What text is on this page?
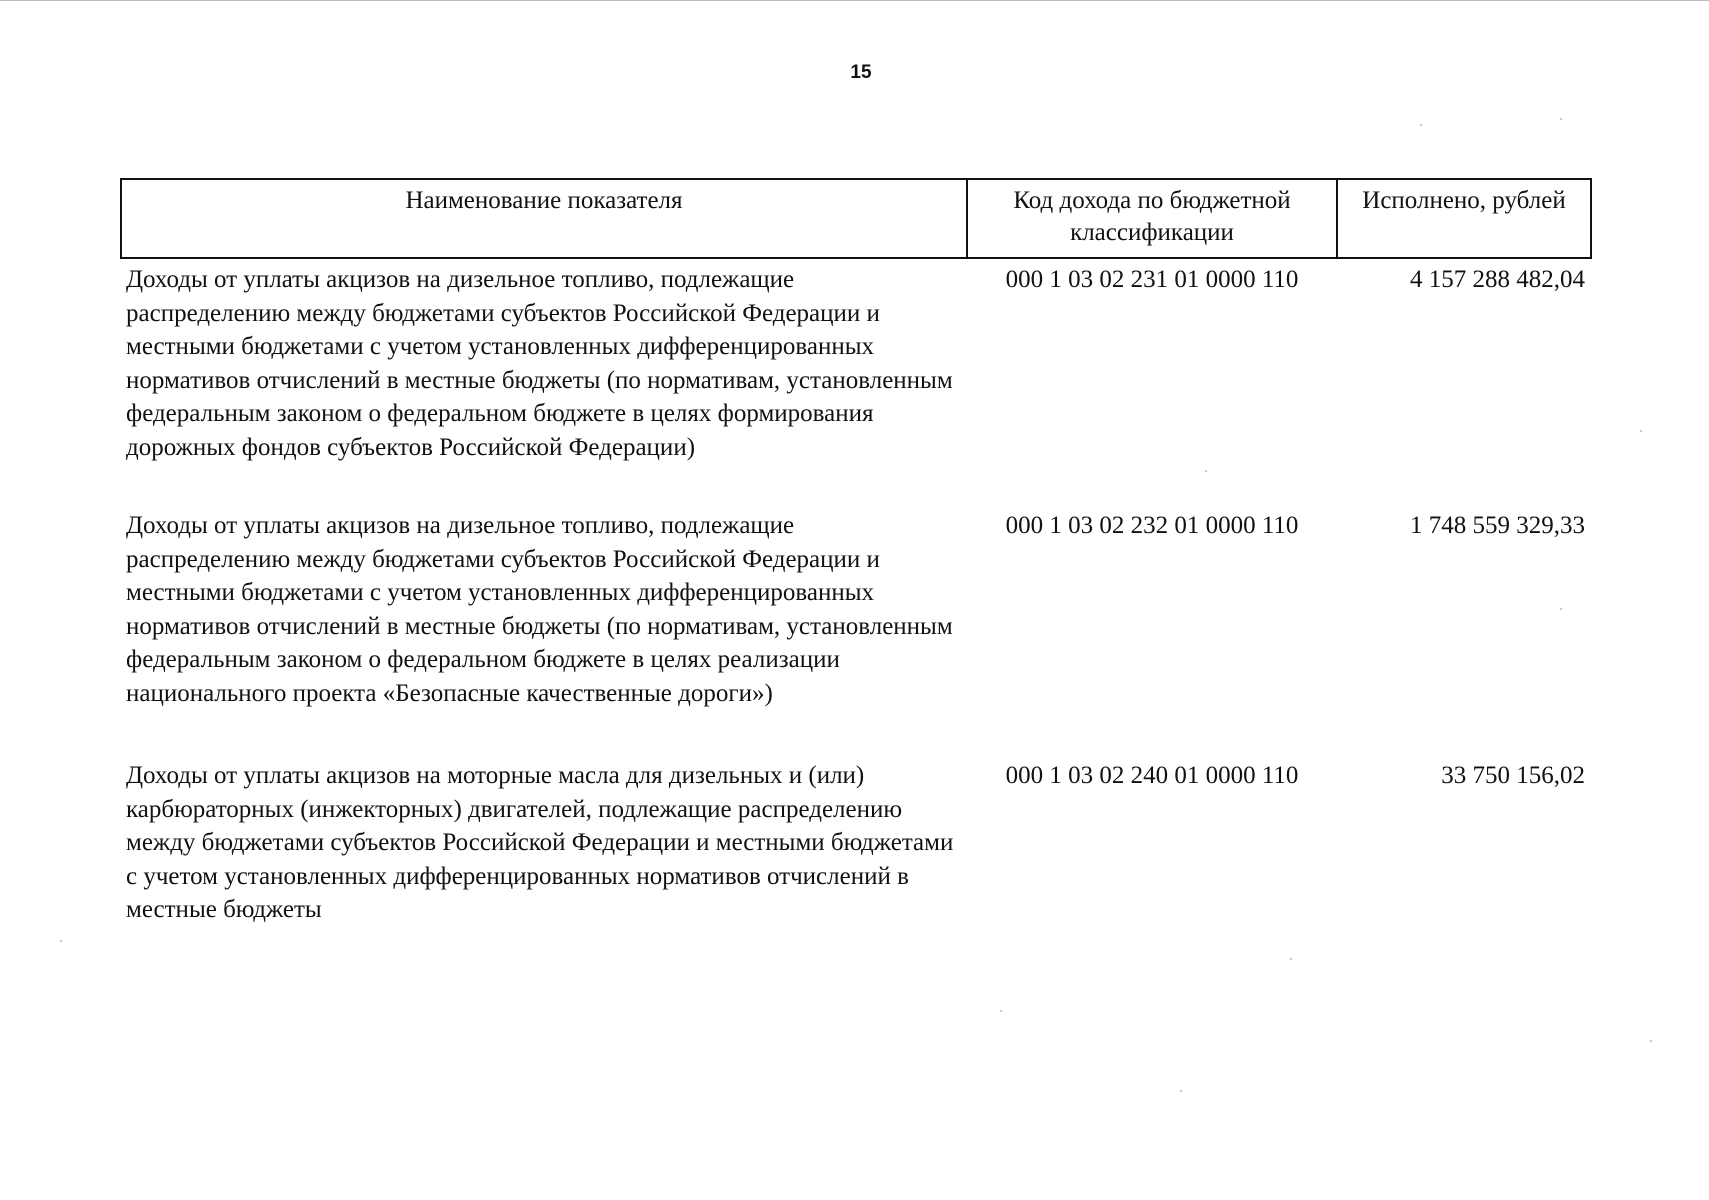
15
Наименование показателя	Код дохода по бюджетной классификации	Исполнено, рублей
Доходы от уплаты акцизов на дизельное топливо, подлежащие распределению между бюджетами субъектов Российской Федерации и местными бюджетами с учетом установленных дифференцированных нормативов отчислений в местные бюджеты (по нормативам, установленным федеральным законом о федеральном бюджете в целях формирования дорожных фондов субъектов Российской Федерации)	000 1 03 02 231 01 0000 110	4 157 288 482,04
Доходы от уплаты акцизов на дизельное топливо, подлежащие распределению между бюджетами субъектов Российской Федерации и местными бюджетами с учетом установленных дифференцированных нормативов отчислений в местные бюджеты (по нормативам, установленным федеральным законом о федеральном бюджете в целях реализации национального проекта «Безопасные качественные дороги»)	000 1 03 02 232 01 0000 110	1 748 559 329,33
Доходы от уплаты акцизов на моторные масла для дизельных и (или) карбюраторных (инжекторных) двигателей, подлежащие распределению между бюджетами субъектов Российской Федерации и местными бюджетами с учетом установленных дифференцированных нормативов отчислений в местные бюджеты	000 1 03 02 240 01 0000 110	33 750 156,02
